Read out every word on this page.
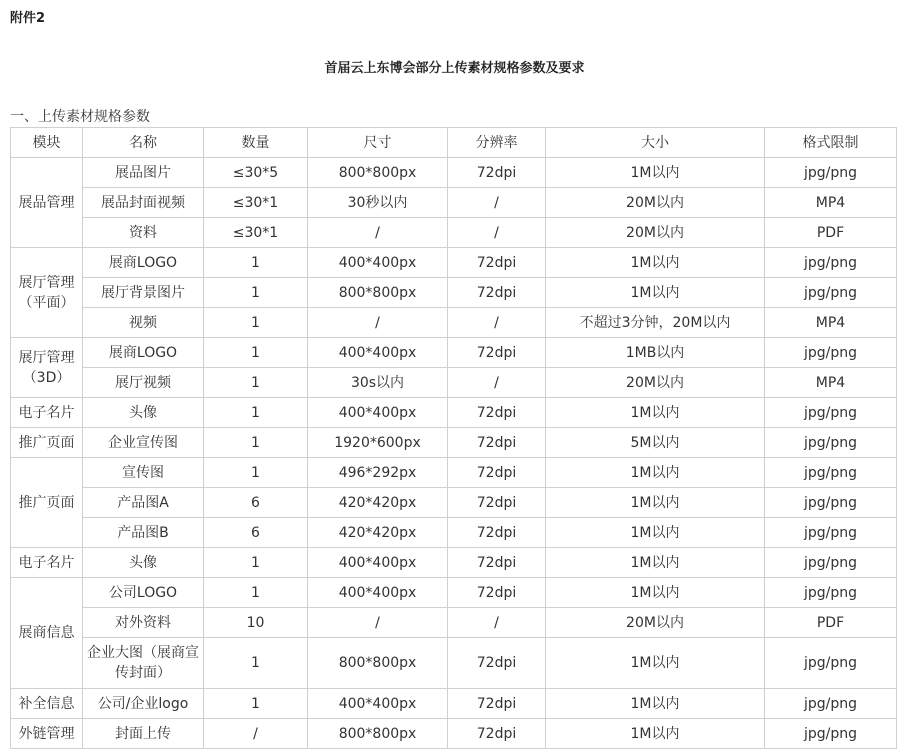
附件2
首届云上东博会部分上传素材规格参数及要求
一、上传素材规格参数
模块	名称	数量	尺寸	分辨率	大小	格式限制
展品管理	展品图片	≤30*5	800*800px	72dpi	1M以内	jpg/png
	展品封面视频	≤30*1	30秒以内	/	20M以内	MP4
	资料	≤30*1	/	/	20M以内	PDF
展厅管理（平面）	展商LOGO	1	400*400px	72dpi	1M以内	jpg/png
	展厅背景图片	1	800*800px	72dpi	1M以内	jpg/png
	视频	1	/	/	不超过3分钟，20M以内	MP4
展厅管理（3D）	展商LOGO	1	400*400px	72dpi	1MB以内	jpg/png
	展厅视频	1	30s以内	/	20M以内	MP4
电子名片	头像	1	400*400px	72dpi	1M以内	jpg/png
推广页面	企业宣传图	1	1920*600px	72dpi	5M以内	jpg/png
推广页面	宣传图	1	496*292px	72dpi	1M以内	jpg/png
	产品图A	6	420*420px	72dpi	1M以内	jpg/png
	产品图B	6	420*420px	72dpi	1M以内	jpg/png
电子名片	头像	1	400*400px	72dpi	1M以内	jpg/png
展商信息	公司LOGO	1	400*400px	72dpi	1M以内	jpg/png
	对外资料	10	/	/	20M以内	PDF
	企业大图（展商宣传封面）	1	800*800px	72dpi	1M以内	jpg/png
补全信息	公司/企业logo	1	400*400px	72dpi	1M以内	jpg/png
外链管理	封面上传	/	800*800px	72dpi	1M以内	jpg/png
